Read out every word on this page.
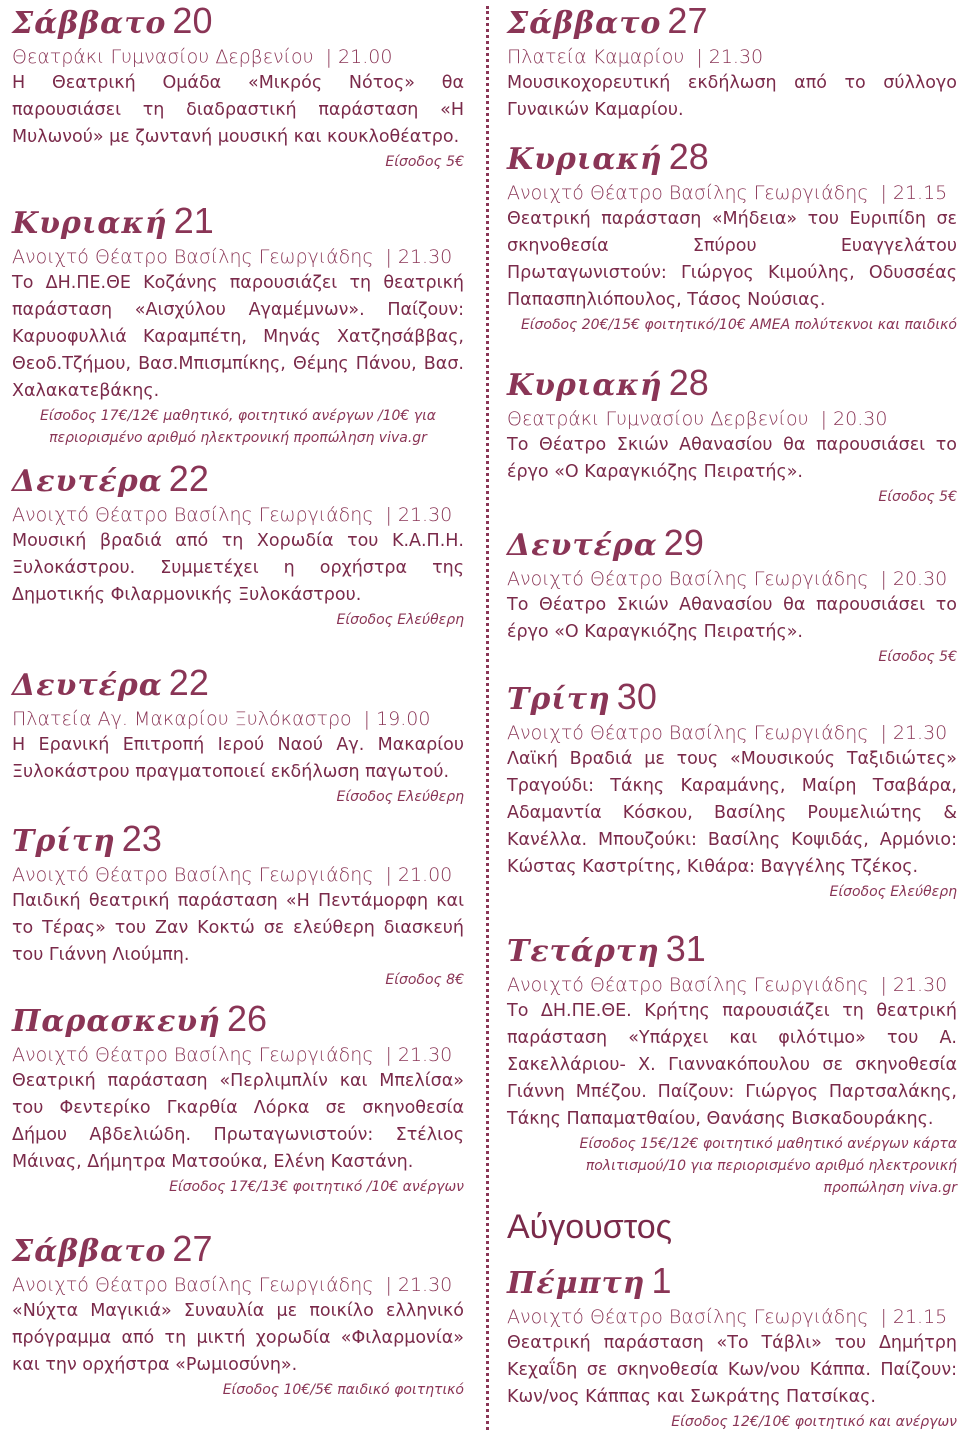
Σάββατο 20
Θεατράκι Γυμνασίου Δερβενίου | 21.00
Η Θεατρική Ομάδα «Μικρός Νότος» θα παρουσιάσει τη διαδραστική παράσταση «Η Μυλωνού» με ζωντανή μουσική και κουκλοθέατρο.
Είσοδος 5€
Κυριακή 21
Ανοιχτό Θέατρο Βασίλης Γεωργιάδης | 21.30
Το ΔΗ.ΠΕ.ΘΕ Κοζάνης παρουσιάζει τη θεατρική παράσταση «Αισχύλου Αγαμέμνων». Παίζουν: Καρυοφυλλιά Καραμπέτη, Μηνάς Χατζησάββας, Θεοδ.Τζήμου, Βασ.Μπισμπίκης, Θέμης Πάνου, Βασ. Χαλακατεβάκης.
Είσοδος 17€/12€ μαθητικό, φοιτητικό ανέργων /10€ για περιορισμένο αριθμό ηλεκτρονική προπώληση viva.gr
Δευτέρα 22
Ανοιχτό Θέατρο Βασίλης Γεωργιάδης | 21.30
Μουσική βραδιά από τη Χορωδία του Κ.Α.Π.Η. Ξυλοκάστρου. Συμμετέχει η ορχήστρα της Δημοτικής Φιλαρμονικής Ξυλοκάστρου.
Είσοδος Ελεύθερη
Δευτέρα 22
Πλατεία Αγ. Μακαρίου Ξυλόκαστρο | 19.00
Η Ερανική Επιτροπή Ιερού Ναού Αγ. Μακαρίου Ξυλοκάστρου πραγματοποιεί εκδήλωση παγωτού.
Είσοδος Ελεύθερη
Τρίτη 23
Ανοιχτό Θέατρο Βασίλης Γεωργιάδης | 21.00
Παιδική θεατρική παράσταση «Η Πεντάμορφη και το Τέρας» του Ζαν Κοκτώ σε ελεύθερη διασκευή του Γιάννη Λιούμπη.
Είσοδος 8€
Παρασκευή 26
Ανοιχτό Θέατρο Βασίλης Γεωργιάδης | 21.30
Θεατρική παράσταση «Περλιμπλίν και Μπελίσα» του Φεντερίκο Γκαρθία Λόρκα σε σκηνοθεσία Δήμου Αβδελιώδη. Πρωταγωνιστούν: Στέλιος Μάινας, Δήμητρα Ματσούκα, Ελένη Καστάνη.
Είσοδος 17€/13€ φοιτητικό /10€ ανέργων
Σάββατο 27
Ανοιχτό Θέατρο Βασίλης Γεωργιάδης | 21.30
«Νύχτα Μαγικιά» Συναυλία με ποικίλο ελληνικό πρόγραμμα από τη μικτή χορωδία «Φιλαρμονία» και την ορχήστρα «Ρωμιοσύνη».
Είσοδος 10€/5€ παιδικό φοιτητικό
Σάββατο 27
Πλατεία Καμαρίου | 21.30
Μουσικοχορευτική εκδήλωση από το σύλλογο Γυναικών Καμαρίου.
Κυριακή 28
Ανοιχτό Θέατρο Βασίλης Γεωργιάδης | 21.15
Θεατρική παράσταση «Μήδεια» του Ευριπίδη σε σκηνοθεσία Σπύρου Ευαγγελάτου Πρωταγωνιστούν: Γιώργος Κιμούλης, Οδυσσέας Παπασπηλιόπουλος, Τάσος Νούσιας.
Είσοδος 20€/15€ φοιτητικό/10€ ΑΜΕΑ πολύτεκνοι και παιδικό
Κυριακή 28
Θεατράκι Γυμνασίου Δερβενίου | 20.30
Το Θέατρο Σκιών Αθανασίου θα παρουσιάσει το έργο «Ο Καραγκιόζης Πειρατής».
Είσοδος 5€
Δευτέρα 29
Ανοιχτό Θέατρο Βασίλης Γεωργιάδης | 20.30
Το Θέατρο Σκιών Αθανασίου θα παρουσιάσει το έργο «Ο Καραγκιόζης Πειρατής».
Είσοδος 5€
Τρίτη 30
Ανοιχτό Θέατρο Βασίλης Γεωργιάδης | 21.30
Λαϊκή Βραδιά με τους «Μουσικούς Ταξιδιώτες» Τραγούδι: Τάκης Καραμάνης, Μαίρη Τσαβάρα, Αδαμαντία Κόσκου, Βασίλης Ρουμελιώτης & Κανέλλα. Μπουζούκι: Βασίλης Κοψιδάς, Αρμόνιο: Κώστας Καστρίτης, Κιθάρα: Βαγγέλης Τζέκος.
Είσοδος Ελεύθερη
Τετάρτη 31
Ανοιχτό Θέατρο Βασίλης Γεωργιάδης | 21.30
Το ΔΗ.ΠΕ.ΘΕ. Κρήτης παρουσιάζει τη θεατρική παράσταση «Υπάρχει και φιλότιμο» του Α. Σακελλάριου- Χ. Γιαννακόπουλου σε σκηνοθεσία Γιάννη Μπέζου. Παίζουν: Γιώργος Παρτσαλάκης, Τάκης Παπαματθαίου, Θανάσης Βισκαδουράκης.
Είσοδος 15€/12€ φοιτητικό μαθητικό ανέργων κάρτα πολιτισμού/10 για περιορισμένο αριθμό ηλεκτρονική προπώληση viva.gr
Αύγουστος
Πέμπτη 1
Ανοιχτό Θέατρο Βασίλης Γεωργιάδης | 21.15
Θεατρική παράσταση «Το Τάβλι» του Δημήτρη Κεχαΐδη σε σκηνοθεσία Κων/νου Κάππα. Παίζουν: Κων/νος Κάππας και Σωκράτης Πατσίκας.
Είσοδος 12€/10€ φοιτητικό και ανέργων
